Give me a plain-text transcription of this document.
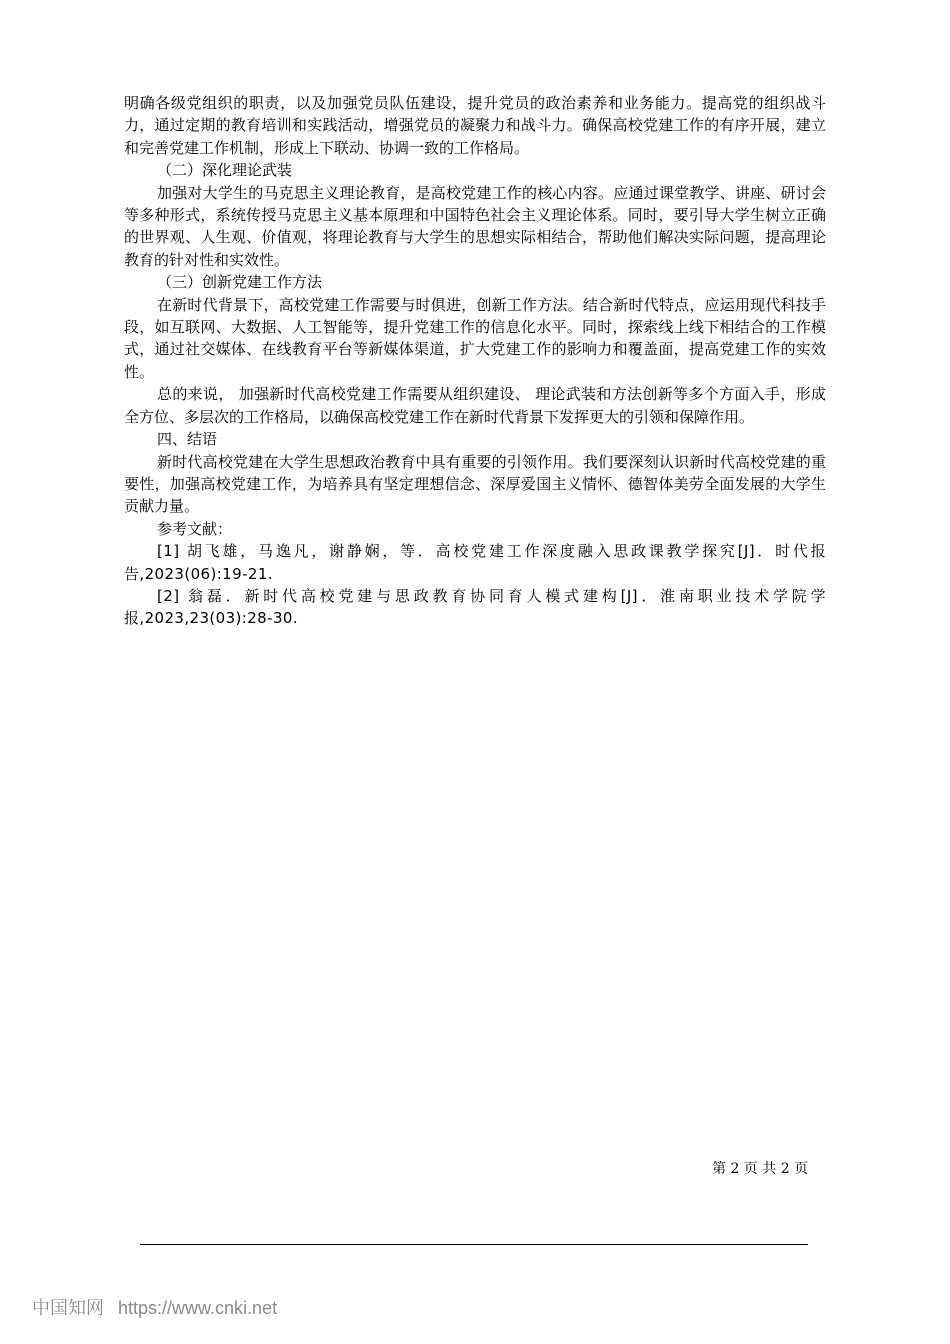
明确各级党组织的职责，以及加强党员队伍建设，提升党员的政治素养和业务能力。提高党的组织战斗力，通过定期的教育培训和实践活动，增强党员的凝聚力和战斗力。确保高校党建工作的有序开展，建立和完善党建工作机制，形成上下联动、协调一致的工作格局。

（二）深化理论武装

加强对大学生的马克思主义理论教育，是高校党建工作的核心内容。应通过课堂教学、讲座、研讨会等多种形式，系统传授马克思主义基本原理和中国特色社会主义理论体系。同时，要引导大学生树立正确的世界观、人生观、价值观，将理论教育与大学生的思想实际相结合，帮助他们解决实际问题，提高理论教育的针对性和实效性。

（三）创新党建工作方法

在新时代背景下，高校党建工作需要与时俱进，创新工作方法。结合新时代特点，应运用现代科技手段，如互联网、大数据、人工智能等，提升党建工作的信息化水平。同时，探索线上线下相结合的工作模式，通过社交媒体、在线教育平台等新媒体渠道，扩大党建工作的影响力和覆盖面，提高党建工作的实效性。

总的来说， 加强新时代高校党建工作需要从组织建设、 理论武装和方法创新等多个方面入手，形成全方位、多层次的工作格局，以确保高校党建工作在新时代背景下发挥更大的引领和保障作用。

四、结语

新时代高校党建在大学生思想政治教育中具有重要的引领作用。我们要深刻认识新时代高校党建的重要性，加强高校党建工作，为培养具有坚定理想信念、深厚爱国主义情怀、德智体美劳全面发展的大学生贡献力量。

参考文献：

[1] 胡飞雄，马逸凡，谢静娴，等．高校党建工作深度融入思政课教学探究[J]．时代报告,2023(06):19-21.

[2] 翁磊．新时代高校党建与思政教育协同育人模式建构[J]．淮南职业技术学院学报,2023,23(03):28-30.

第 2 页 共 2 页
中国知网 https://www.cnki.net
